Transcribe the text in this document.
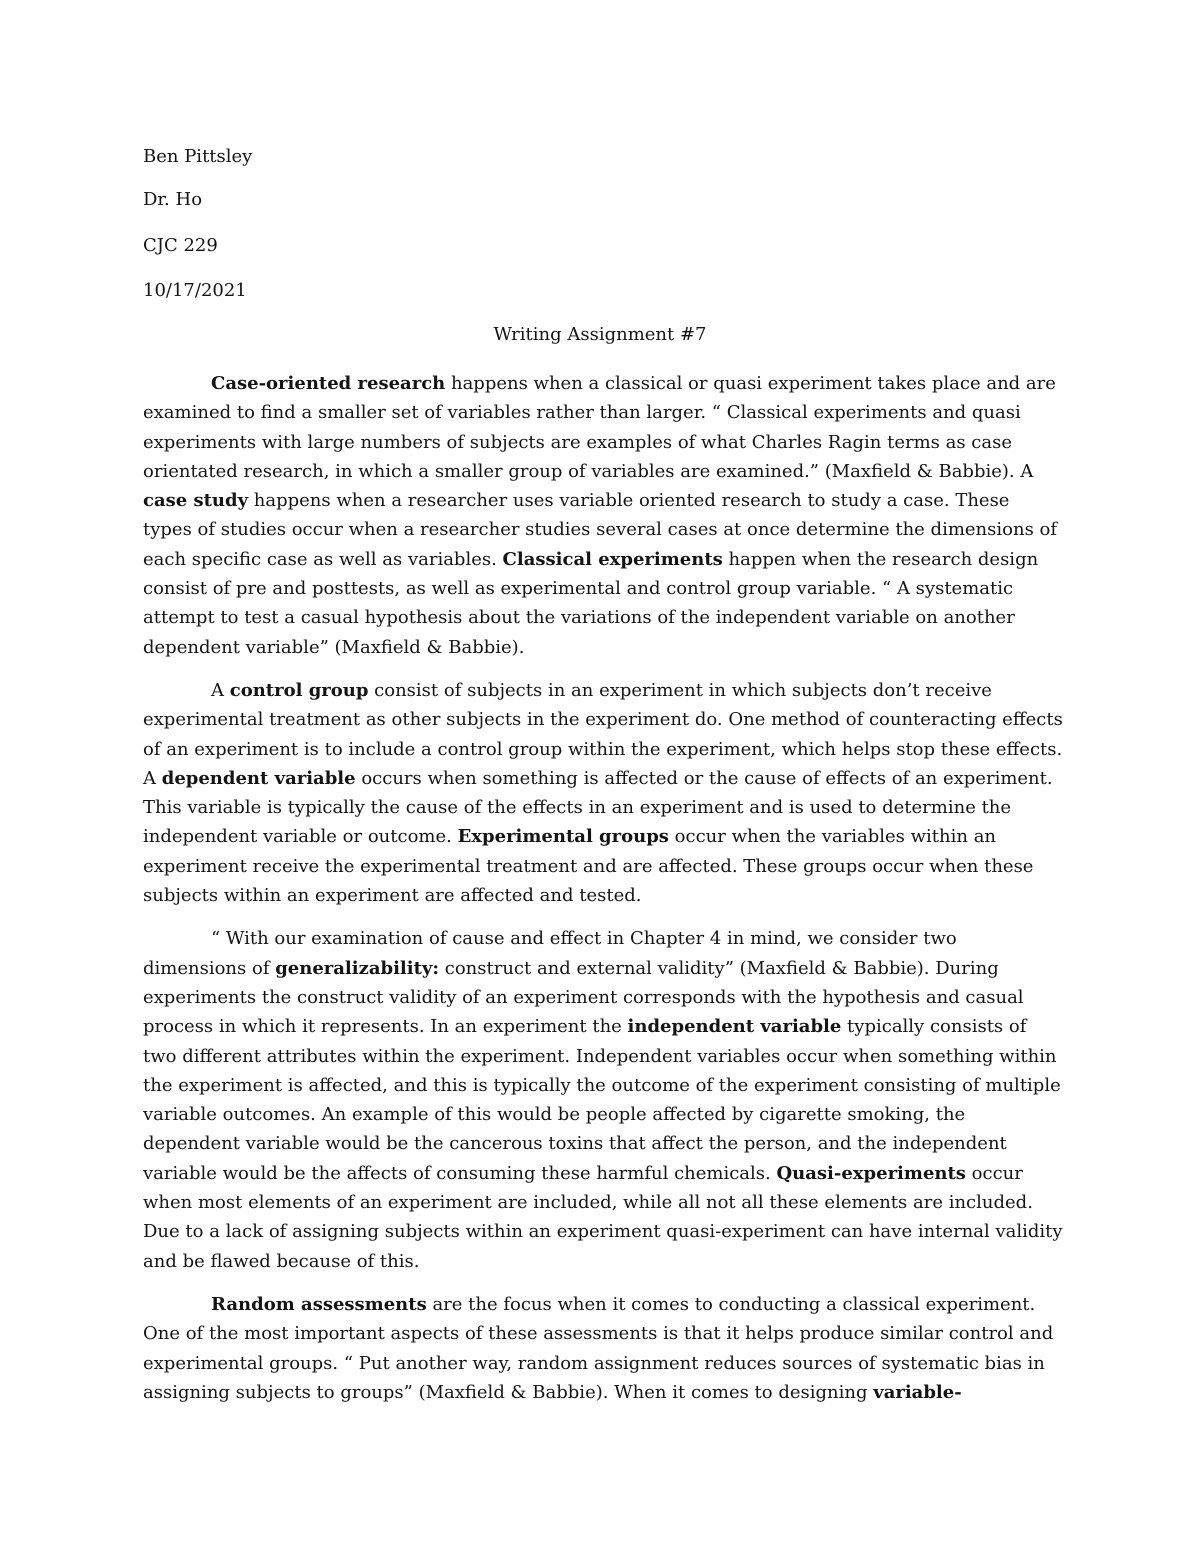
Ben Pittsley

Dr. Ho

CJC 229

10/17/2021

Writing Assignment #7

Case-oriented research happens when a classical or quasi experiment takes place and are examined to find a smaller set of variables rather than larger. “ Classical experiments and quasi experiments with large numbers of subjects are examples of what Charles Ragin terms as case orientated research, in which a smaller group of variables are examined.” (Maxfield & Babbie). A case study happens when a researcher uses variable oriented research to study a case. These types of studies occur when a researcher studies several cases at once determine the dimensions of each specific case as well as variables. Classical experiments happen when the research design consist of pre and posttests, as well as experimental and control group variable. “ A systematic attempt to test a casual hypothesis about the variations of the independent variable on another dependent variable” (Maxfield & Babbie).

A control group consist of subjects in an experiment in which subjects don’t receive experimental treatment as other subjects in the experiment do. One method of counteracting effects of an experiment is to include a control group within the experiment, which helps stop these effects. A dependent variable occurs when something is affected or the cause of effects of an experiment. This variable is typically the cause of the effects in an experiment and is used to determine the independent variable or outcome. Experimental groups occur when the variables within an experiment receive the experimental treatment and are affected. These groups occur when these subjects within an experiment are affected and tested.

“ With our examination of cause and effect in Chapter 4 in mind, we consider two dimensions of generalizability: construct and external validity” (Maxfield & Babbie). During experiments the construct validity of an experiment corresponds with the hypothesis and casual process in which it represents. In an experiment the independent variable typically consists of two different attributes within the experiment. Independent variables occur when something within the experiment is affected, and this is typically the outcome of the experiment consisting of multiple variable outcomes. An example of this would be people affected by cigarette smoking, the dependent variable would be the cancerous toxins that affect the person, and the independent variable would be the affects of consuming these harmful chemicals. Quasi-experiments occur when most elements of an experiment are included, while all not all these elements are included. Due to a lack of assigning subjects within an experiment quasi-experiment can have internal validity and be flawed because of this.

Random assessments are the focus when it comes to conducting a classical experiment. One of the most important aspects of these assessments is that it helps produce similar control and experimental groups. “ Put another way, random assignment reduces sources of systematic bias in assigning subjects to groups” (Maxfield & Babbie). When it comes to designing variable-
